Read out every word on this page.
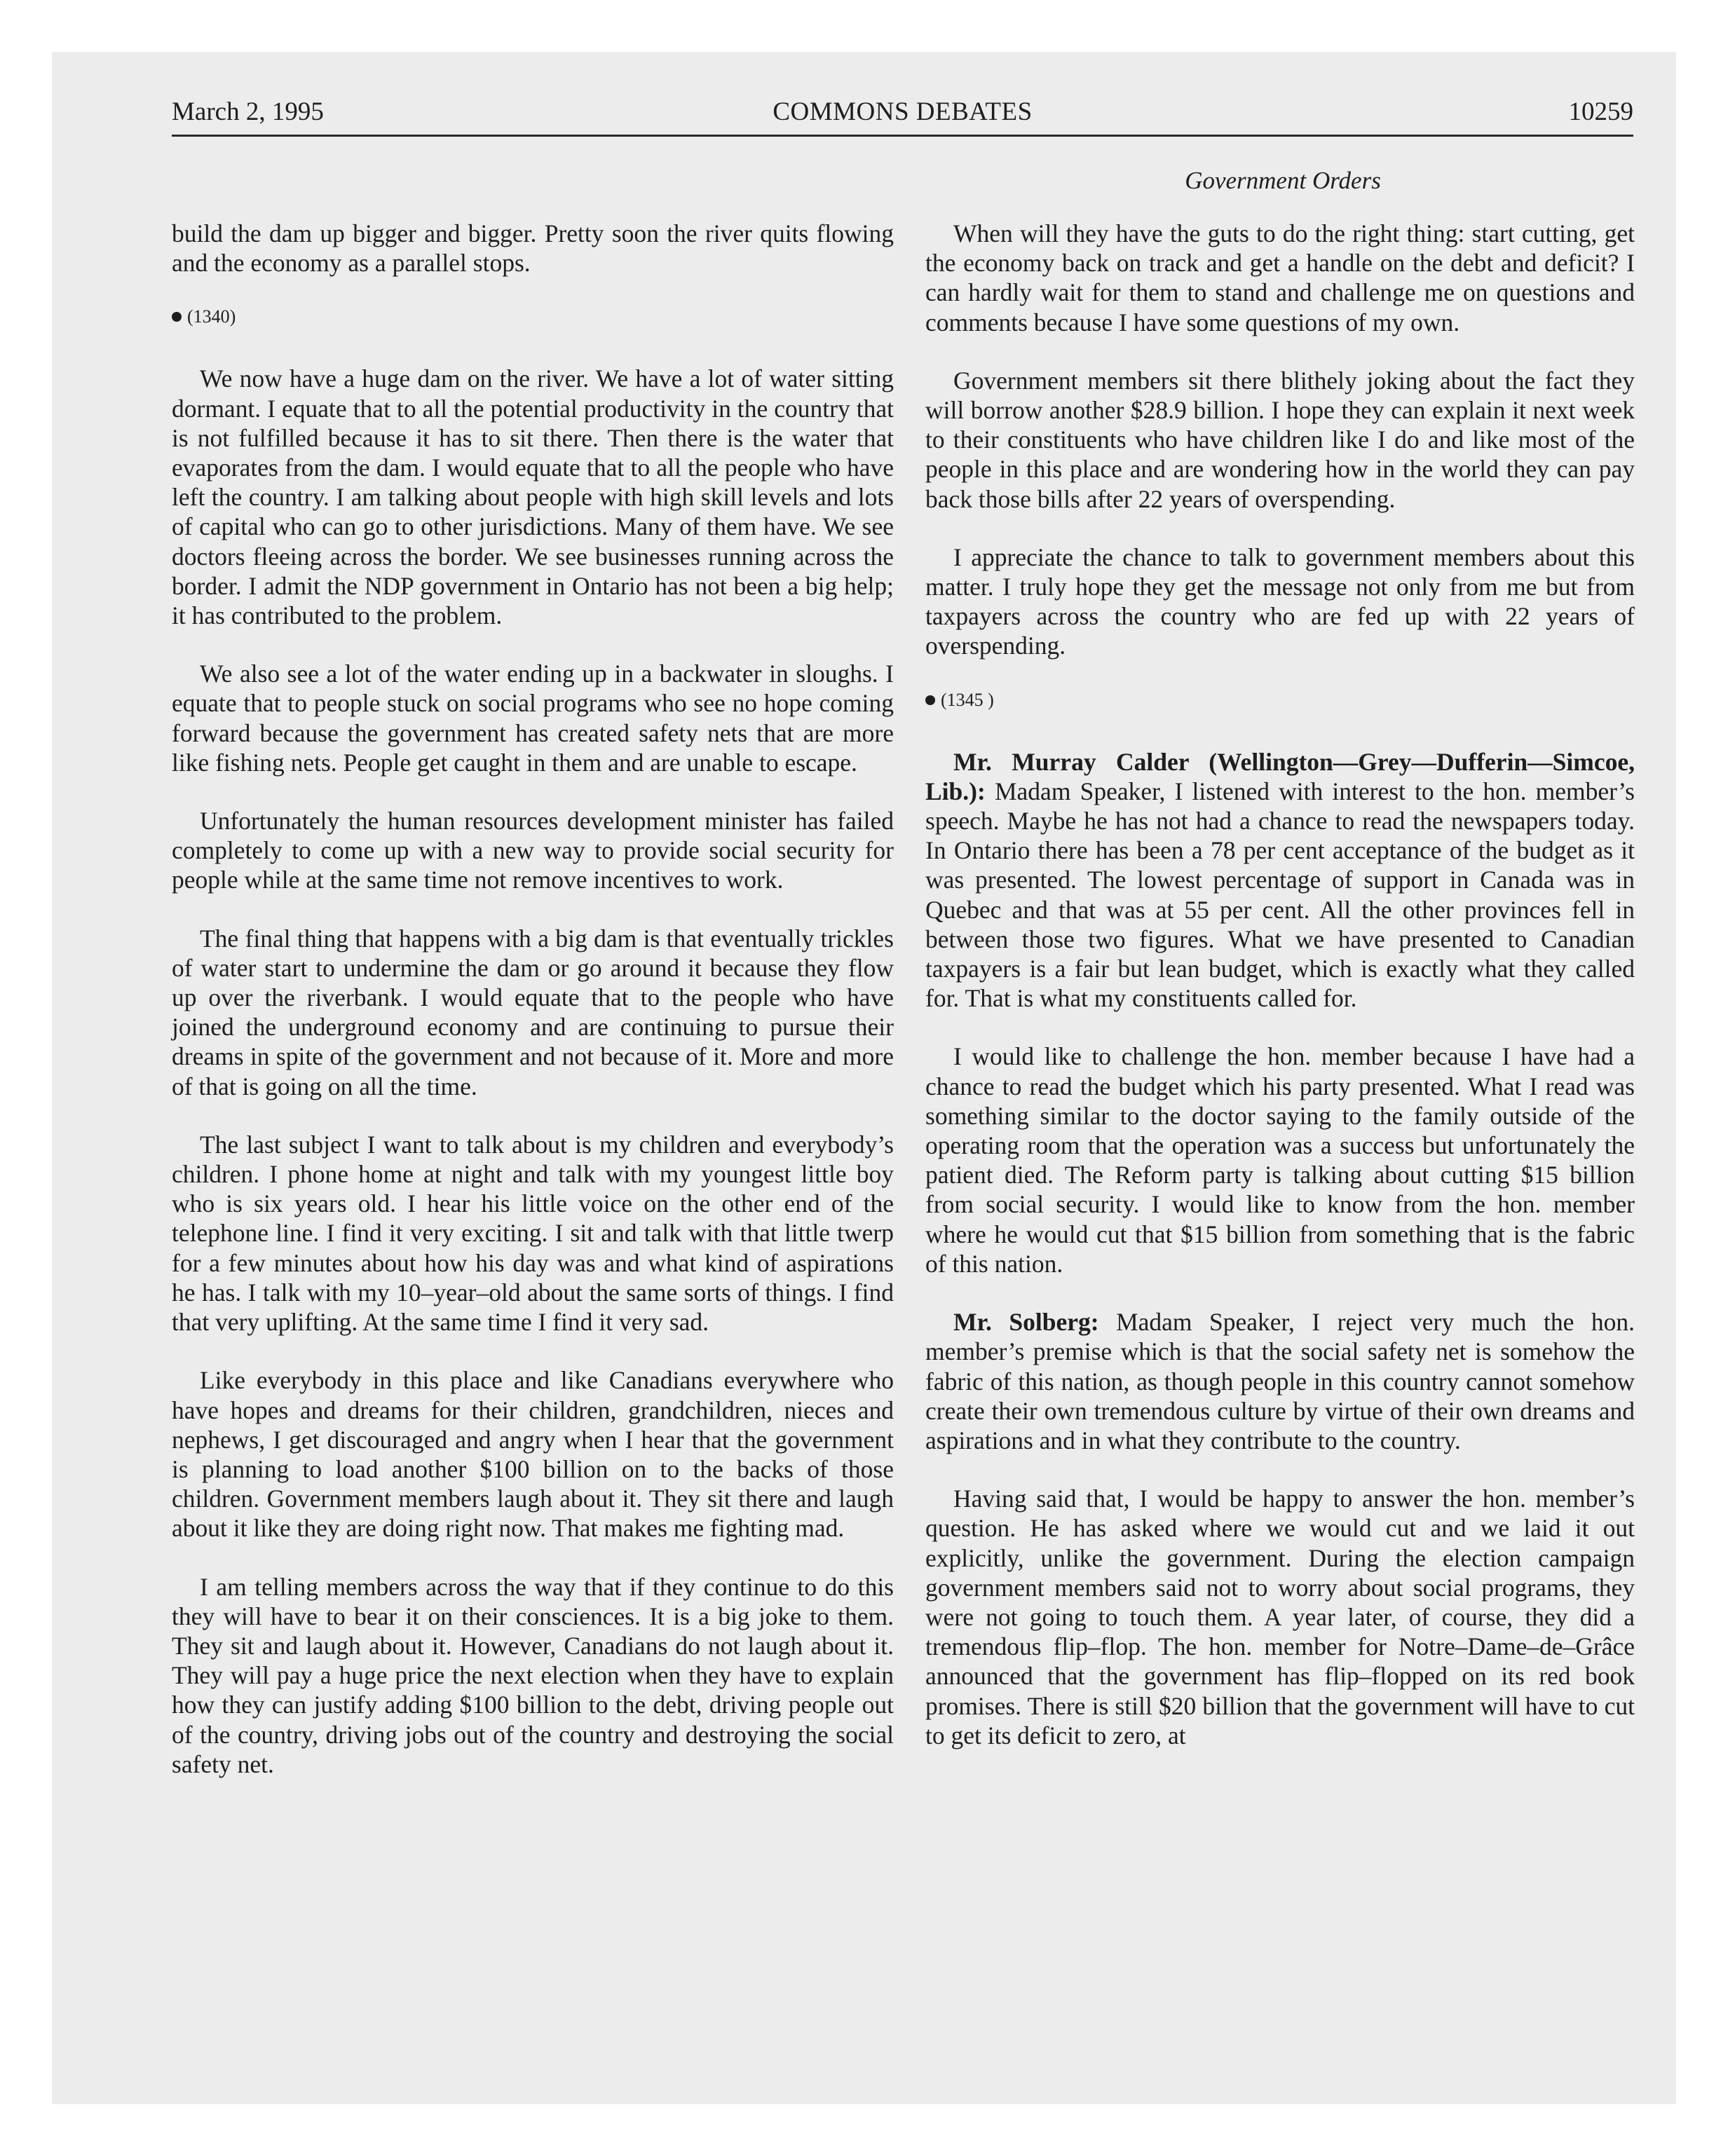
March 2, 1995	COMMONS DEBATES	10259
Government Orders

build the dam up bigger and bigger. Pretty soon the river quits flowing and the economy as a parallel stops.

(1340)

We now have a huge dam on the river. We have a lot of water sitting dormant. I equate that to all the potential productivity in the country that is not fulfilled because it has to sit there. Then there is the water that evaporates from the dam. I would equate that to all the people who have left the country. I am talking about people with high skill levels and lots of capital who can go to other jurisdictions. Many of them have. We see doctors fleeing across the border. We see businesses running across the border. I admit the NDP government in Ontario has not been a big help; it has contributed to the problem.

We also see a lot of the water ending up in a backwater in sloughs. I equate that to people stuck on social programs who see no hope coming forward because the government has created safety nets that are more like fishing nets. People get caught in them and are unable to escape.

Unfortunately the human resources development minister has failed completely to come up with a new way to provide social security for people while at the same time not remove incentives to work.

The final thing that happens with a big dam is that eventually trickles of water start to undermine the dam or go around it because they flow up over the riverbank. I would equate that to the people who have joined the underground economy and are continuing to pursue their dreams in spite of the government and not because of it. More and more of that is going on all the time.

The last subject I want to talk about is my children and everybody’s children. I phone home at night and talk with my youngest little boy who is six years old. I hear his little voice on the other end of the telephone line. I find it very exciting. I sit and talk with that little twerp for a few minutes about how his day was and what kind of aspirations he has. I talk with my 10–year–old about the same sorts of things. I find that very uplifting. At the same time I find it very sad.

Like everybody in this place and like Canadians everywhere who have hopes and dreams for their children, grandchildren, nieces and nephews, I get discouraged and angry when I hear that the government is planning to load another $100 billion on to the backs of those children. Government members laugh about it. They sit there and laugh about it like they are doing right now. That makes me fighting mad.

I am telling members across the way that if they continue to do this they will have to bear it on their consciences. It is a big joke to them. They sit and laugh about it. However, Canadians do not laugh about it. They will pay a huge price the next election when they have to explain how they can justify adding $100 billion to the debt, driving people out of the country, driving jobs out of the country and destroying the social safety net.

When will they have the guts to do the right thing: start cutting, get the economy back on track and get a handle on the debt and deficit? I can hardly wait for them to stand and challenge me on questions and comments because I have some questions of my own.

Government members sit there blithely joking about the fact they will borrow another $28.9 billion. I hope they can explain it next week to their constituents who have children like I do and like most of the people in this place and are wondering how in the world they can pay back those bills after 22 years of overspending.

I appreciate the chance to talk to government members about this matter. I truly hope they get the message not only from me but from taxpayers across the country who are fed up with 22 years of overspending.

(1345 )

Mr. Murray Calder (Wellington—Grey—Dufferin—Simcoe, Lib.): Madam Speaker, I listened with interest to the hon. member’s speech. Maybe he has not had a chance to read the newspapers today. In Ontario there has been a 78 per cent acceptance of the budget as it was presented. The lowest percentage of support in Canada was in Quebec and that was at 55 per cent. All the other provinces fell in between those two figures. What we have presented to Canadian taxpayers is a fair but lean budget, which is exactly what they called for. That is what my constituents called for.

I would like to challenge the hon. member because I have had a chance to read the budget which his party presented. What I read was something similar to the doctor saying to the family outside of the operating room that the operation was a success but unfortunately the patient died. The Reform party is talking about cutting $15 billion from social security. I would like to know from the hon. member where he would cut that $15 billion from something that is the fabric of this nation.

Mr. Solberg: Madam Speaker, I reject very much the hon. member’s premise which is that the social safety net is somehow the fabric of this nation, as though people in this country cannot somehow create their own tremendous culture by virtue of their own dreams and aspirations and in what they contribute to the country.

Having said that, I would be happy to answer the hon. member’s question. He has asked where we would cut and we laid it out explicitly, unlike the government. During the election campaign government members said not to worry about social programs, they were not going to touch them. A year later, of course, they did a tremendous flip–flop. The hon. member for Notre–Dame–de–Grâce announced that the government has flip–flopped on its red book promises. There is still $20 billion that the government will have to cut to get its deficit to zero, at
